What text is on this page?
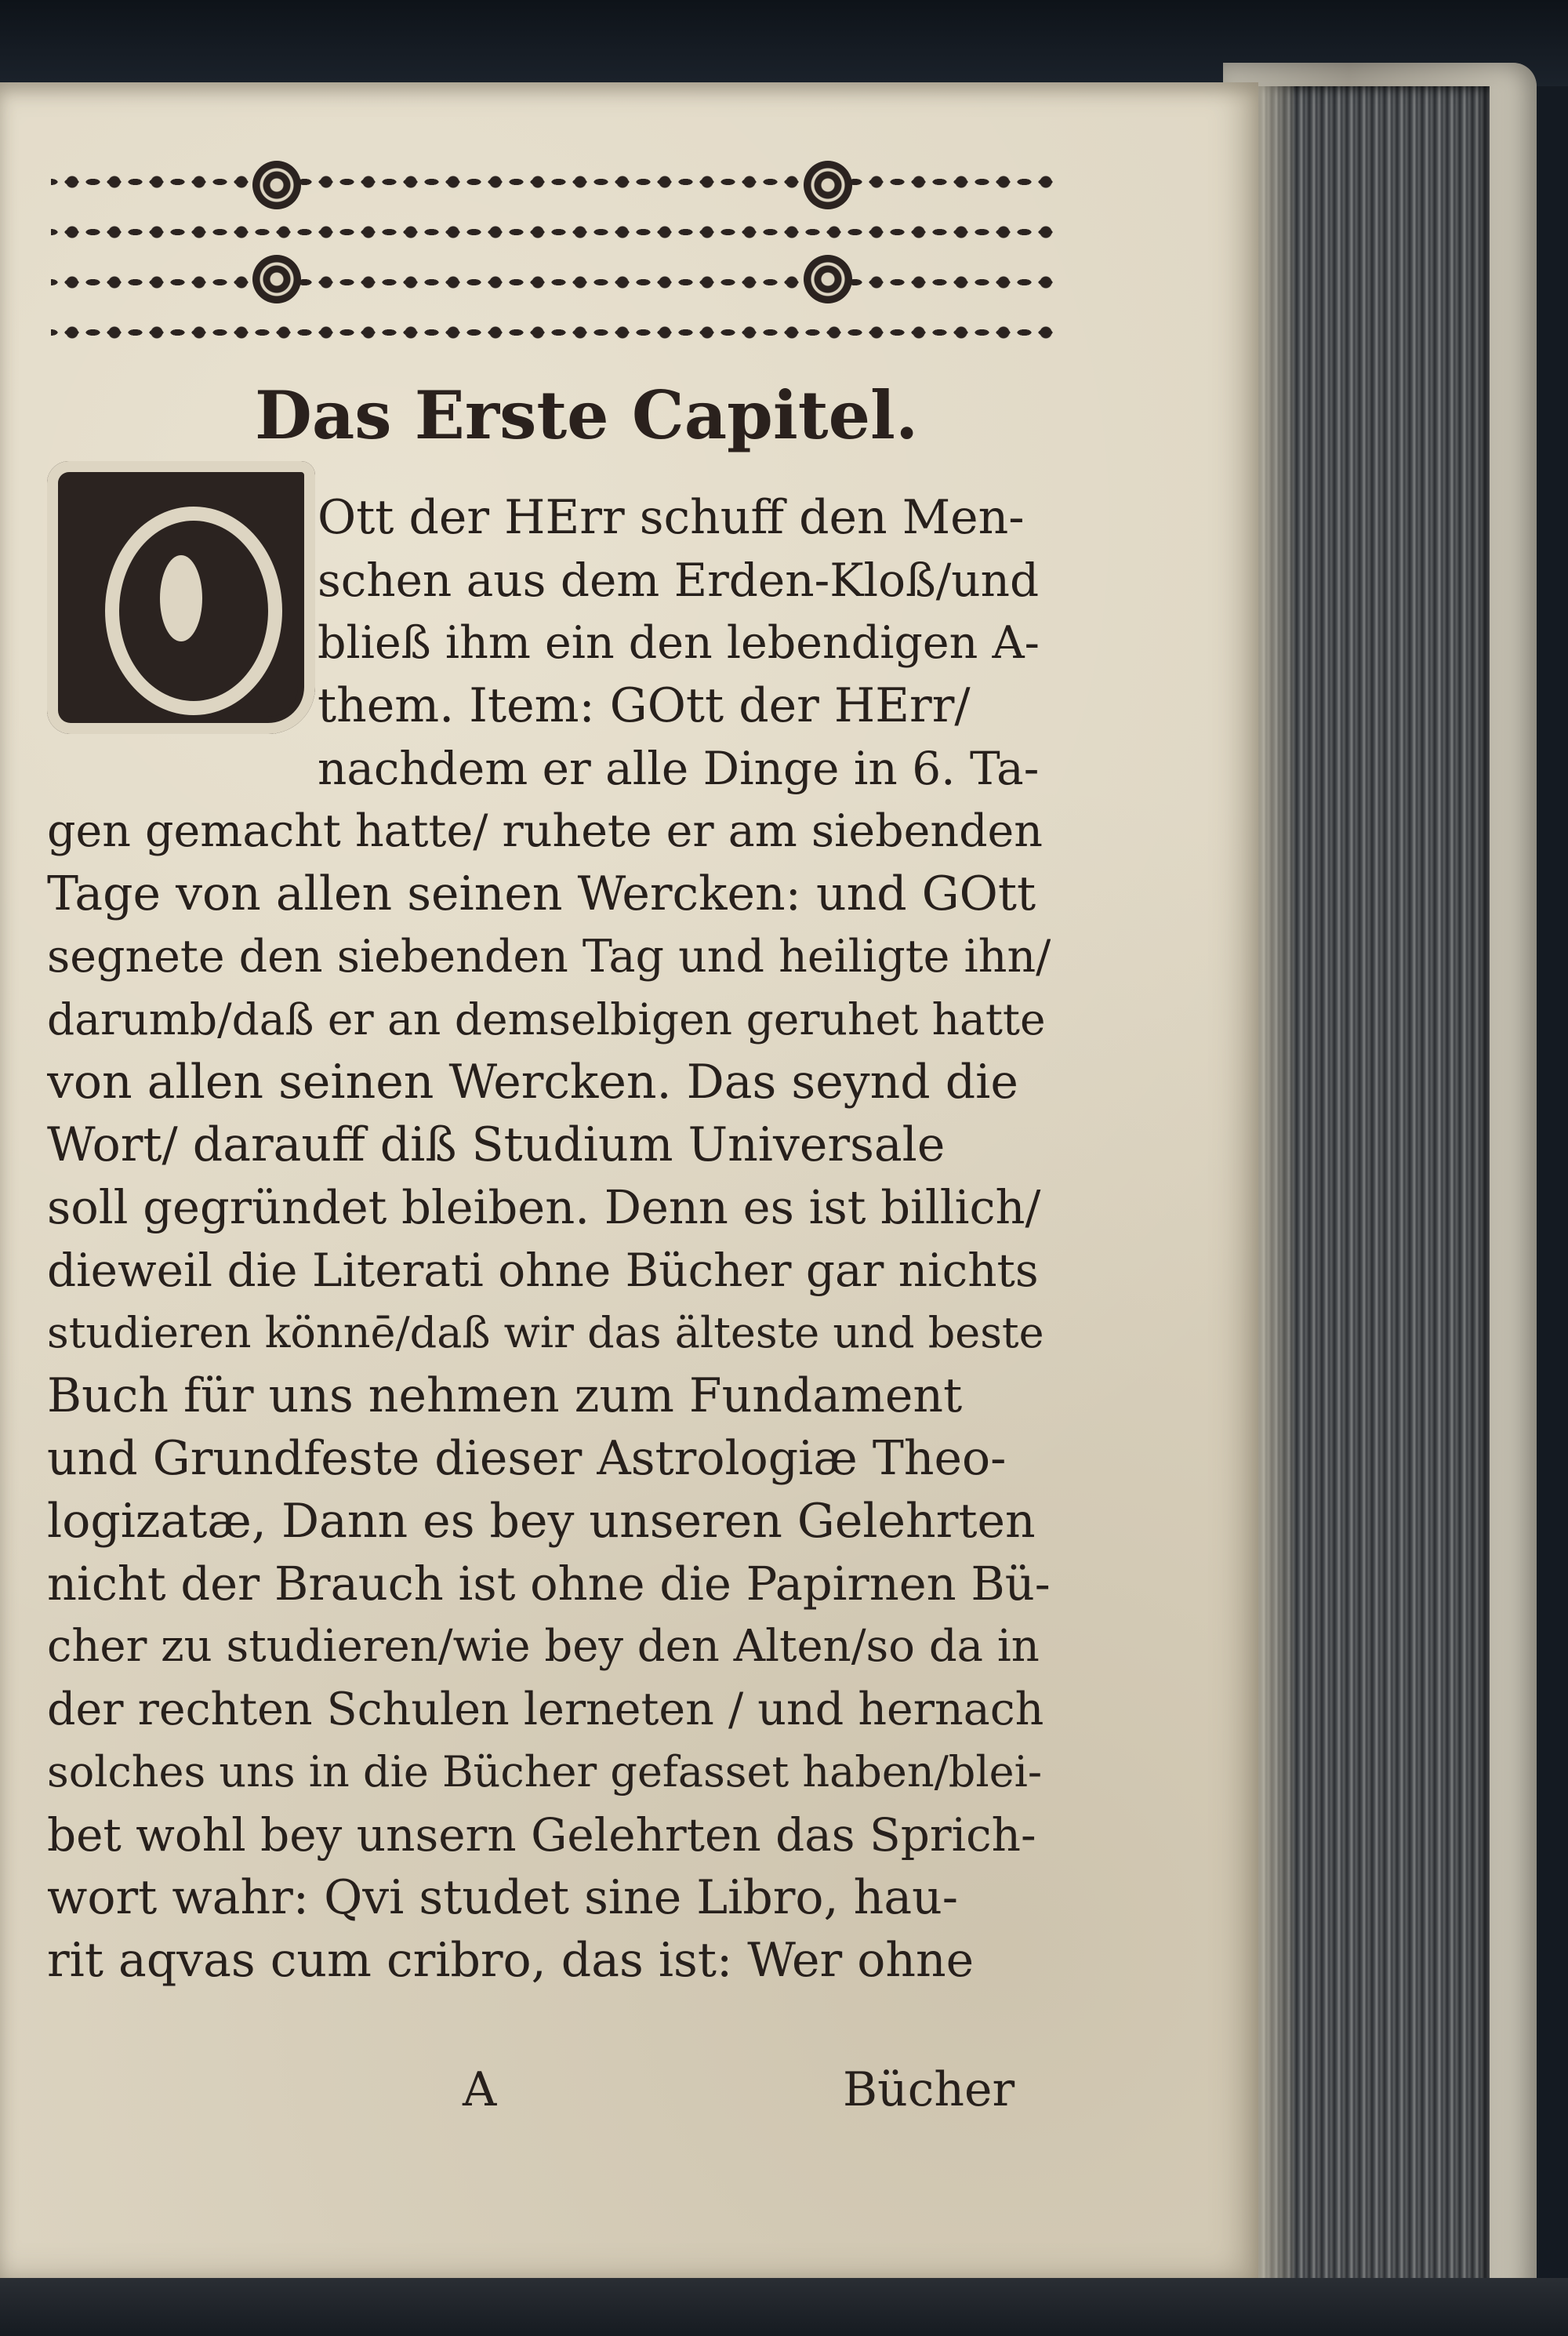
Das Erste Capitel.
Ott der HErr schuff den Men-
schen aus dem Erden-Kloß/und
bließ ihm ein den lebendigen A-
them. Item: GOtt der HErr/
nachdem er alle Dinge in 6. Ta-
gen gemacht hatte/ ruhete er am siebenden
Tage von allen seinen Wercken: und GOtt
segnete den siebenden Tag und heiligte ihn/
darumb/daß er an demselbigen geruhet hatte
von allen seinen Wercken. Das seynd die
Wort/ darauff diß Studium Universale
soll gegründet bleiben. Denn es ist billich/
dieweil die Literati ohne Bücher gar nichts
studieren könnē/daß wir das älteste und beste
Buch für uns nehmen zum Fundament
und Grundfeste dieser Astrologiæ Theo-
logizatæ, Dann es bey unseren Gelehrten
nicht der Brauch ist ohne die Papirnen Bü-
cher zu studieren/wie bey den Alten/so da in
der rechten Schulen lerneten / und hernach
solches uns in die Bücher gefasset haben/blei-
bet wohl bey unsern Gelehrten das Sprich-
wort wahr: Qvi studet sine Libro, hau-
rit aqvas cum cribro, das ist: Wer ohne
A	Bücher
